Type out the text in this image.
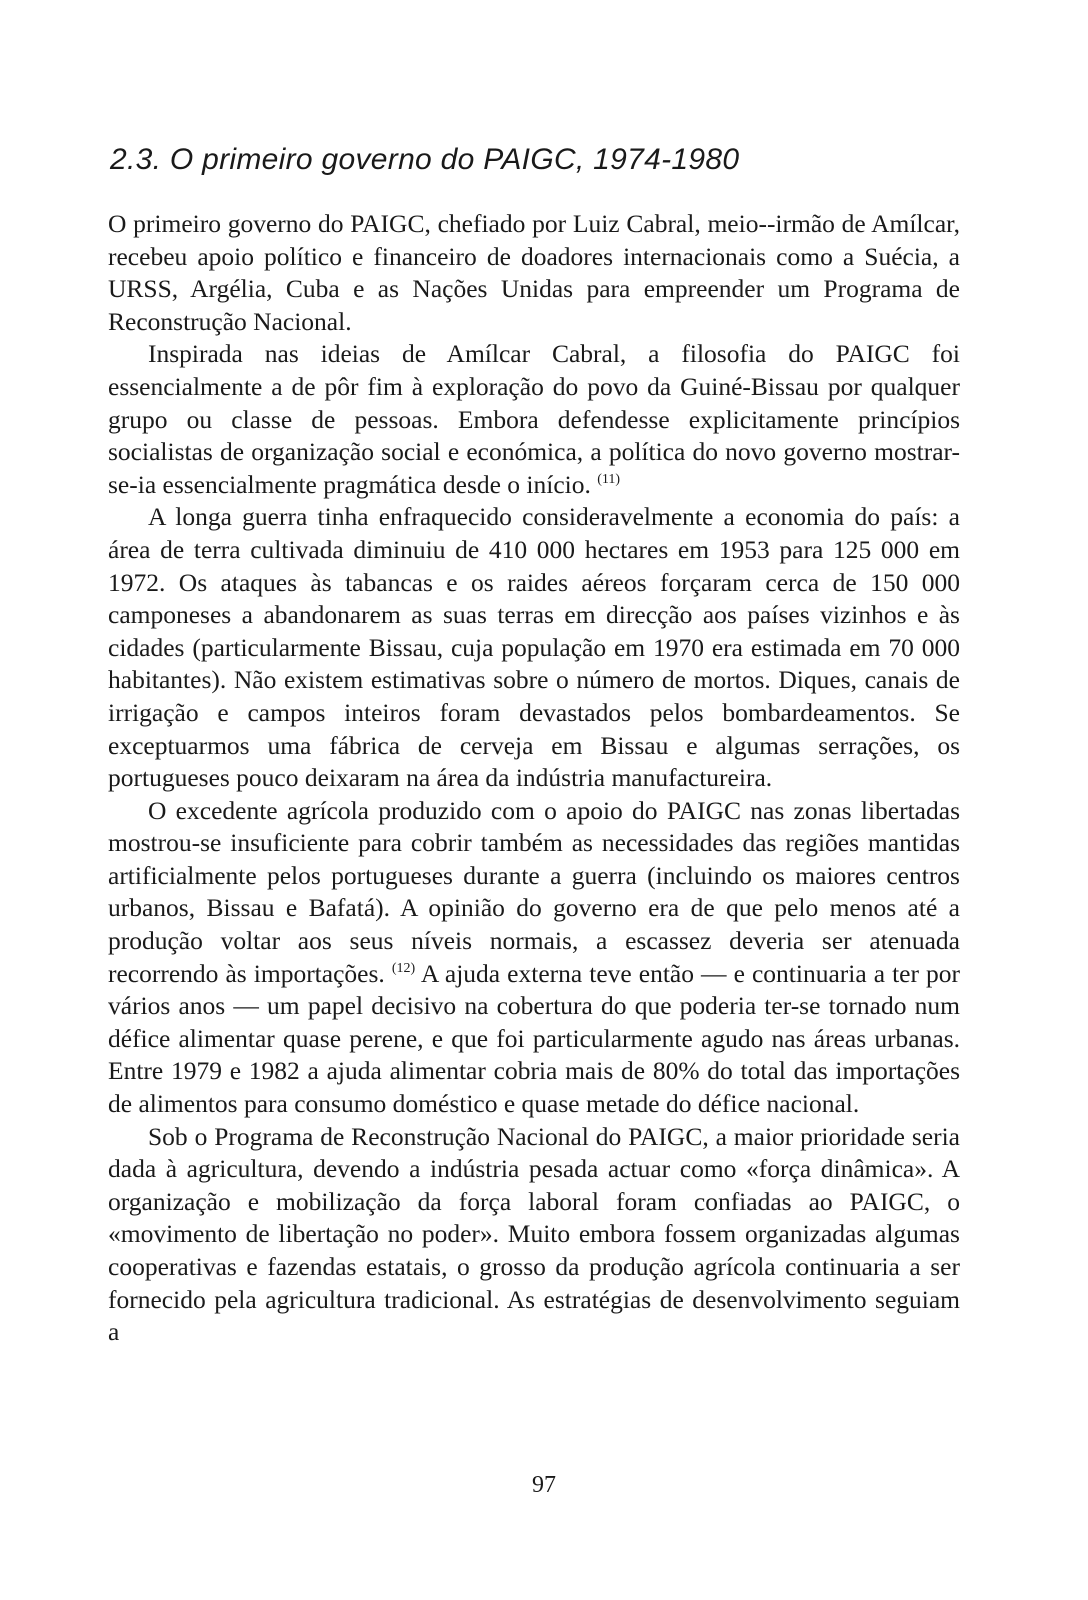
2.3. O primeiro governo do PAIGC, 1974-1980

O primeiro governo do PAIGC, chefiado por Luiz Cabral, meio--irmão de Amílcar, recebeu apoio político e financeiro de doadores internacionais como a Suécia, a URSS, Argélia, Cuba e as Nações Unidas para empreender um Programa de Reconstrução Nacional.

Inspirada nas ideias de Amílcar Cabral, a filosofia do PAIGC foi essencialmente a de pôr fim à exploração do povo da Guiné-Bissau por qualquer grupo ou classe de pessoas. Embora defendesse explicitamente princípios socialistas de organização social e económica, a política do novo governo mostrar-se-ia essencialmente pragmática desde o início. $^{(11)}$

A longa guerra tinha enfraquecido consideravelmente a economia do país: a área de terra cultivada diminuiu de 410 000 hectares em 1953 para 125 000 em 1972. Os ataques às tabancas e os raides aéreos forçaram cerca de 150 000 camponeses a abandonarem as suas terras em direcção aos países vizinhos e às cidades (particularmente Bissau, cuja população em 1970 era estimada em 70 000 habitantes). Não existem estimativas sobre o número de mortos. Diques, canais de irrigação e campos inteiros foram devastados pelos bombardeamentos. Se exceptuarmos uma fábrica de cerveja em Bissau e algumas serrações, os portugueses pouco deixaram na área da indústria manufactureira.

O excedente agrícola produzido com o apoio do PAIGC nas zonas libertadas mostrou-se insuficiente para cobrir também as necessidades das regiões mantidas artificialmente pelos portugueses durante a guerra (incluindo os maiores centros urbanos, Bissau e Bafatá). A opinião do governo era de que pelo menos até a produção voltar aos seus níveis normais, a escassez deveria ser atenuada recorrendo às importações. $^{(12)}$ A ajuda externa teve então — e continuaria a ter por vários anos — um papel decisivo na cobertura do que poderia ter-se tornado num défice alimentar quase perene, e que foi particularmente agudo nas áreas urbanas. Entre 1979 e 1982 a ajuda alimentar cobria mais de 80% do total das importações de alimentos para consumo doméstico e quase metade do défice nacional.

Sob o Programa de Reconstrução Nacional do PAIGC, a maior prioridade seria dada à agricultura, devendo a indústria pesada actuar como «força dinâmica». A organização e mobilização da força laboral foram confiadas ao PAIGC, o «movimento de libertação no poder». Muito embora fossem organizadas algumas cooperativas e fazendas estatais, o grosso da produção agrícola continuaria a ser fornecido pela agricultura tradicional. As estratégias de desenvolvimento seguiam a

97
